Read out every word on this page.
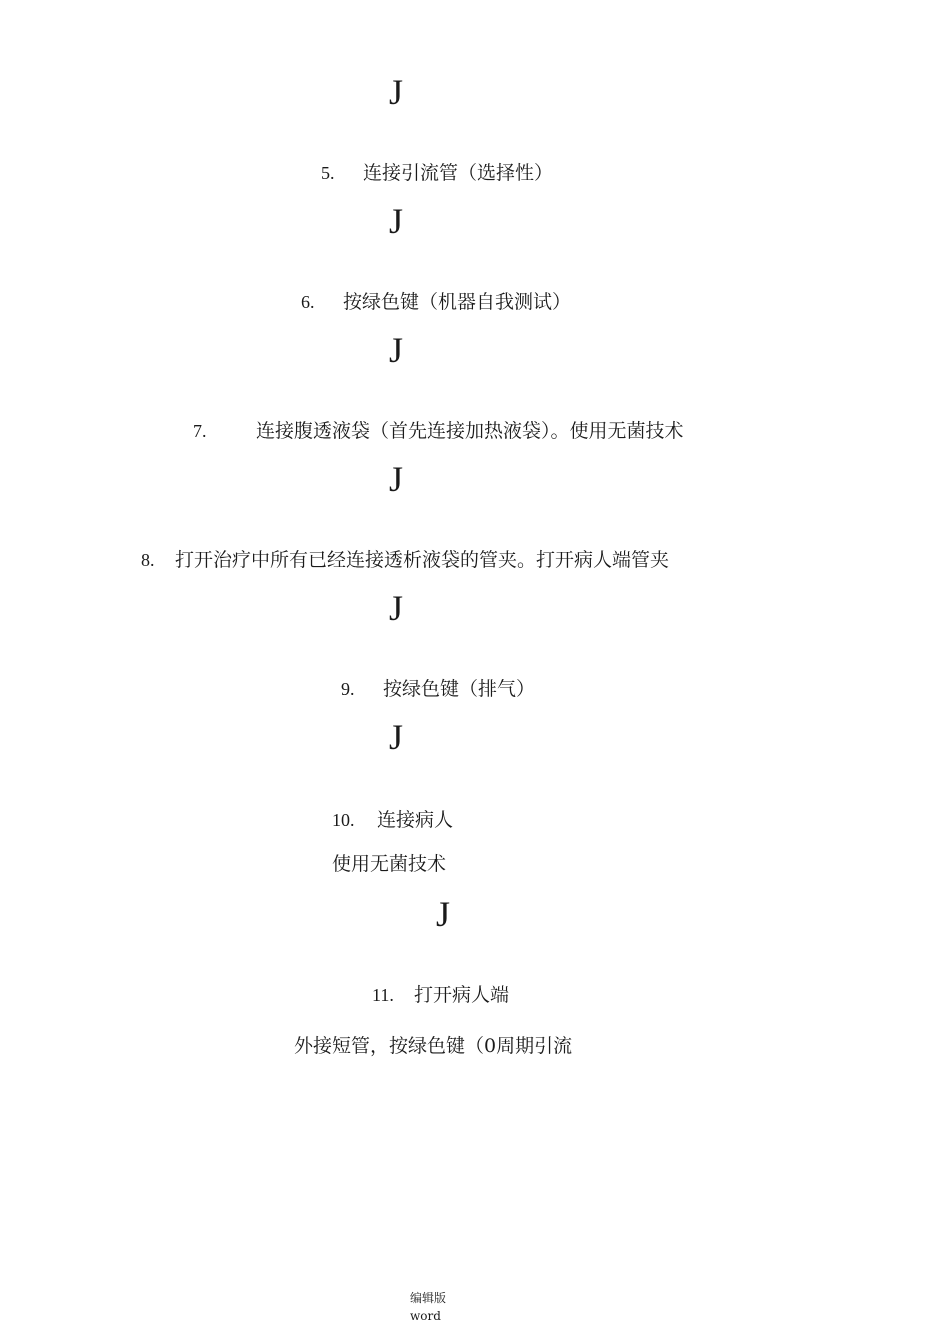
J
5. 连接引流管（选择性）
J
6. 按绿色键（机器自我测试）
J
7.	连接腹透液袋（首先连接加热液袋）。使用无菌技术
J
8. 打开治疗中所有已经连接透析液袋的管夹。打开病人端管夹
J
9. 按绿色键（排气）
J
10. 连接病人
使用无菌技术
J
11. 打开病人端
外接短管，按绿色键（0周期引流
编辑版
word
